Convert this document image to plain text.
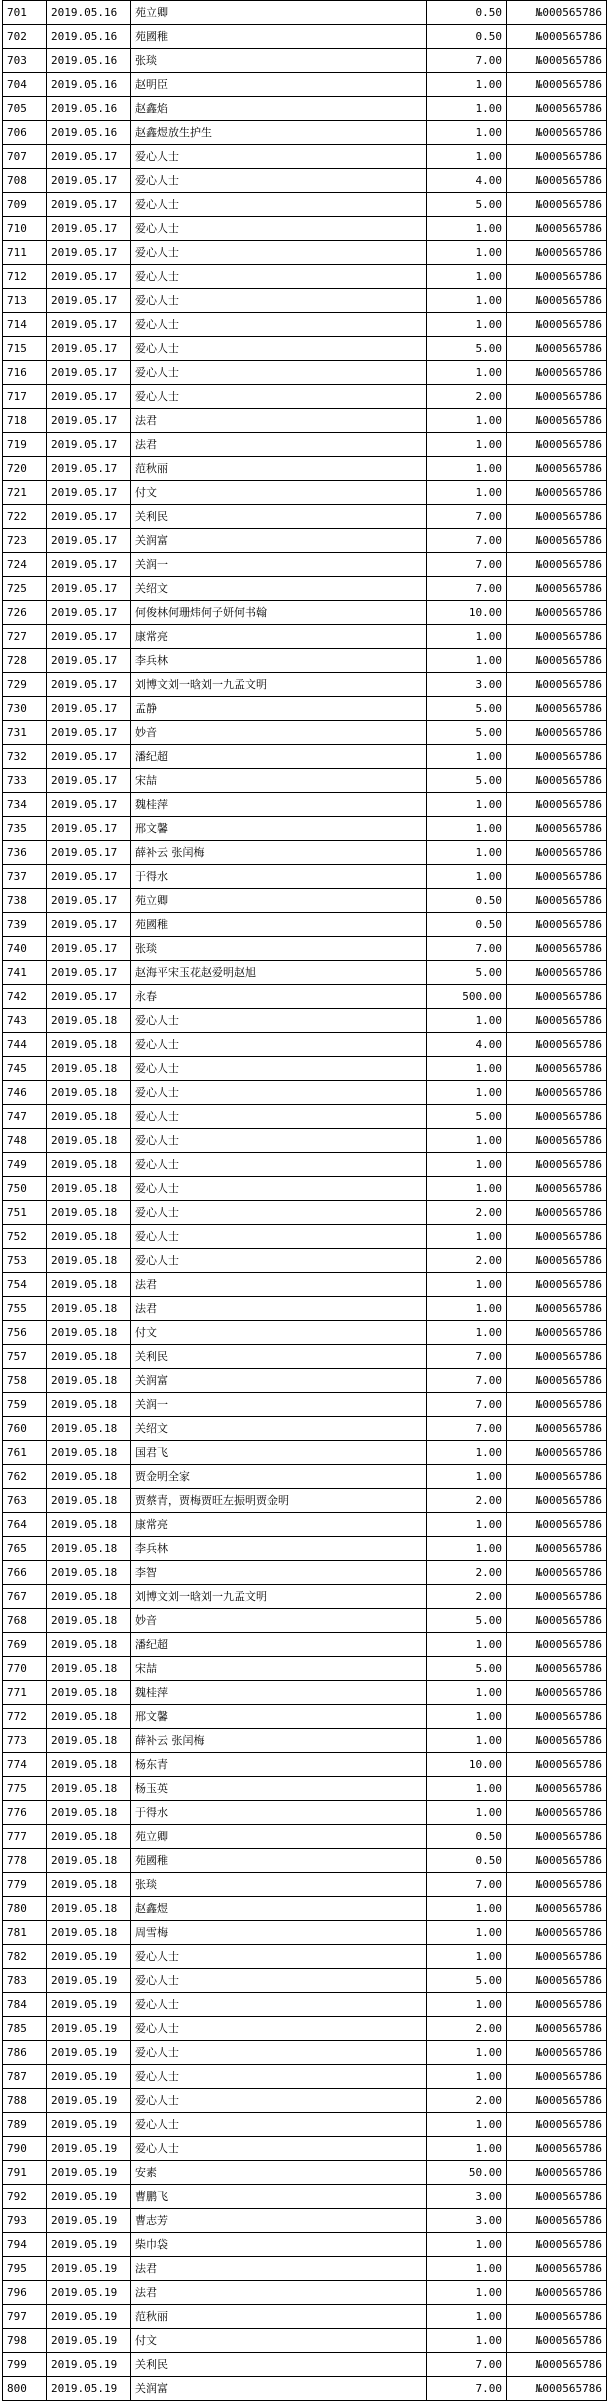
701	2019.05.16	苑立卿	0.50	№000565786
702	2019.05.16	苑國稚	0.50	№000565786
703	2019.05.16	张琰	7.00	№000565786
704	2019.05.16	赵明臣	1.00	№000565786
705	2019.05.16	赵鑫焰	1.00	№000565786
706	2019.05.16	赵鑫煜放生护生	1.00	№000565786
707	2019.05.17	爱心人士	1.00	№000565786
708	2019.05.17	爱心人士	4.00	№000565786
709	2019.05.17	爱心人士	5.00	№000565786
710	2019.05.17	爱心人士	1.00	№000565786
711	2019.05.17	爱心人士	1.00	№000565786
712	2019.05.17	爱心人士	1.00	№000565786
713	2019.05.17	爱心人士	1.00	№000565786
714	2019.05.17	爱心人士	1.00	№000565786
715	2019.05.17	爱心人士	5.00	№000565786
716	2019.05.17	爱心人士	1.00	№000565786
717	2019.05.17	爱心人士	2.00	№000565786
718	2019.05.17	法君	1.00	№000565786
719	2019.05.17	法君	1.00	№000565786
720	2019.05.17	范秋丽	1.00	№000565786
721	2019.05.17	付文	1.00	№000565786
722	2019.05.17	关利民	7.00	№000565786
723	2019.05.17	关润富	7.00	№000565786
724	2019.05.17	关润一	7.00	№000565786
725	2019.05.17	关绍文	7.00	№000565786
726	2019.05.17	何俊林何珊炜何子妍何书翰	10.00	№000565786
727	2019.05.17	康常亮	1.00	№000565786
728	2019.05.17	李兵林	1.00	№000565786
729	2019.05.17	刘博文刘一晗刘一九孟文明	3.00	№000565786
730	2019.05.17	孟静	5.00	№000565786
731	2019.05.17	妙音	5.00	№000565786
732	2019.05.17	潘纪超	1.00	№000565786
733	2019.05.17	宋喆	5.00	№000565786
734	2019.05.17	魏桂萍	1.00	№000565786
735	2019.05.17	邢文馨	1.00	№000565786
736	2019.05.17	薛补云 张闰梅	1.00	№000565786
737	2019.05.17	于得水	1.00	№000565786
738	2019.05.17	苑立卿	0.50	№000565786
739	2019.05.17	苑國稚	0.50	№000565786
740	2019.05.17	张琰	7.00	№000565786
741	2019.05.17	赵海平宋玉花赵爱明赵旭	5.00	№000565786
742	2019.05.17	永春	500.00	№000565786
743	2019.05.18	爱心人士	1.00	№000565786
744	2019.05.18	爱心人士	4.00	№000565786
745	2019.05.18	爱心人士	1.00	№000565786
746	2019.05.18	爱心人士	1.00	№000565786
747	2019.05.18	爱心人士	5.00	№000565786
748	2019.05.18	爱心人士	1.00	№000565786
749	2019.05.18	爱心人士	1.00	№000565786
750	2019.05.18	爱心人士	1.00	№000565786
751	2019.05.18	爱心人士	2.00	№000565786
752	2019.05.18	爱心人士	1.00	№000565786
753	2019.05.18	爱心人士	2.00	№000565786
754	2019.05.18	法君	1.00	№000565786
755	2019.05.18	法君	1.00	№000565786
756	2019.05.18	付文	1.00	№000565786
757	2019.05.18	关利民	7.00	№000565786
758	2019.05.18	关润富	7.00	№000565786
759	2019.05.18	关润一	7.00	№000565786
760	2019.05.18	关绍文	7.00	№000565786
761	2019.05.18	国君飞	1.00	№000565786
762	2019.05.18	贾金明全家	1.00	№000565786
763	2019.05.18	贾蔡青，贾梅贾旺左振明贾金明	2.00	№000565786
764	2019.05.18	康常亮	1.00	№000565786
765	2019.05.18	李兵林	1.00	№000565786
766	2019.05.18	李智	2.00	№000565786
767	2019.05.18	刘博文刘一晗刘一九孟文明	2.00	№000565786
768	2019.05.18	妙音	5.00	№000565786
769	2019.05.18	潘纪超	1.00	№000565786
770	2019.05.18	宋喆	5.00	№000565786
771	2019.05.18	魏桂萍	1.00	№000565786
772	2019.05.18	邢文馨	1.00	№000565786
773	2019.05.18	薛补云 张闰梅	1.00	№000565786
774	2019.05.18	杨东青	10.00	№000565786
775	2019.05.18	杨玉英	1.00	№000565786
776	2019.05.18	于得水	1.00	№000565786
777	2019.05.18	苑立卿	0.50	№000565786
778	2019.05.18	苑國稚	0.50	№000565786
779	2019.05.18	张琰	7.00	№000565786
780	2019.05.18	赵鑫煜	1.00	№000565786
781	2019.05.18	周雪梅	1.00	№000565786
782	2019.05.19	爱心人士	1.00	№000565786
783	2019.05.19	爱心人士	5.00	№000565786
784	2019.05.19	爱心人士	1.00	№000565786
785	2019.05.19	爱心人士	2.00	№000565786
786	2019.05.19	爱心人士	1.00	№000565786
787	2019.05.19	爱心人士	1.00	№000565786
788	2019.05.19	爱心人士	2.00	№000565786
789	2019.05.19	爱心人士	1.00	№000565786
790	2019.05.19	爱心人士	1.00	№000565786
791	2019.05.19	安素	50.00	№000565786
792	2019.05.19	曹鹏飞	3.00	№000565786
793	2019.05.19	曹志芳	3.00	№000565786
794	2019.05.19	柴巾袋	1.00	№000565786
795	2019.05.19	法君	1.00	№000565786
796	2019.05.19	法君	1.00	№000565786
797	2019.05.19	范秋丽	1.00	№000565786
798	2019.05.19	付文	1.00	№000565786
799	2019.05.19	关利民	7.00	№000565786
800	2019.05.19	关润富	7.00	№000565786
